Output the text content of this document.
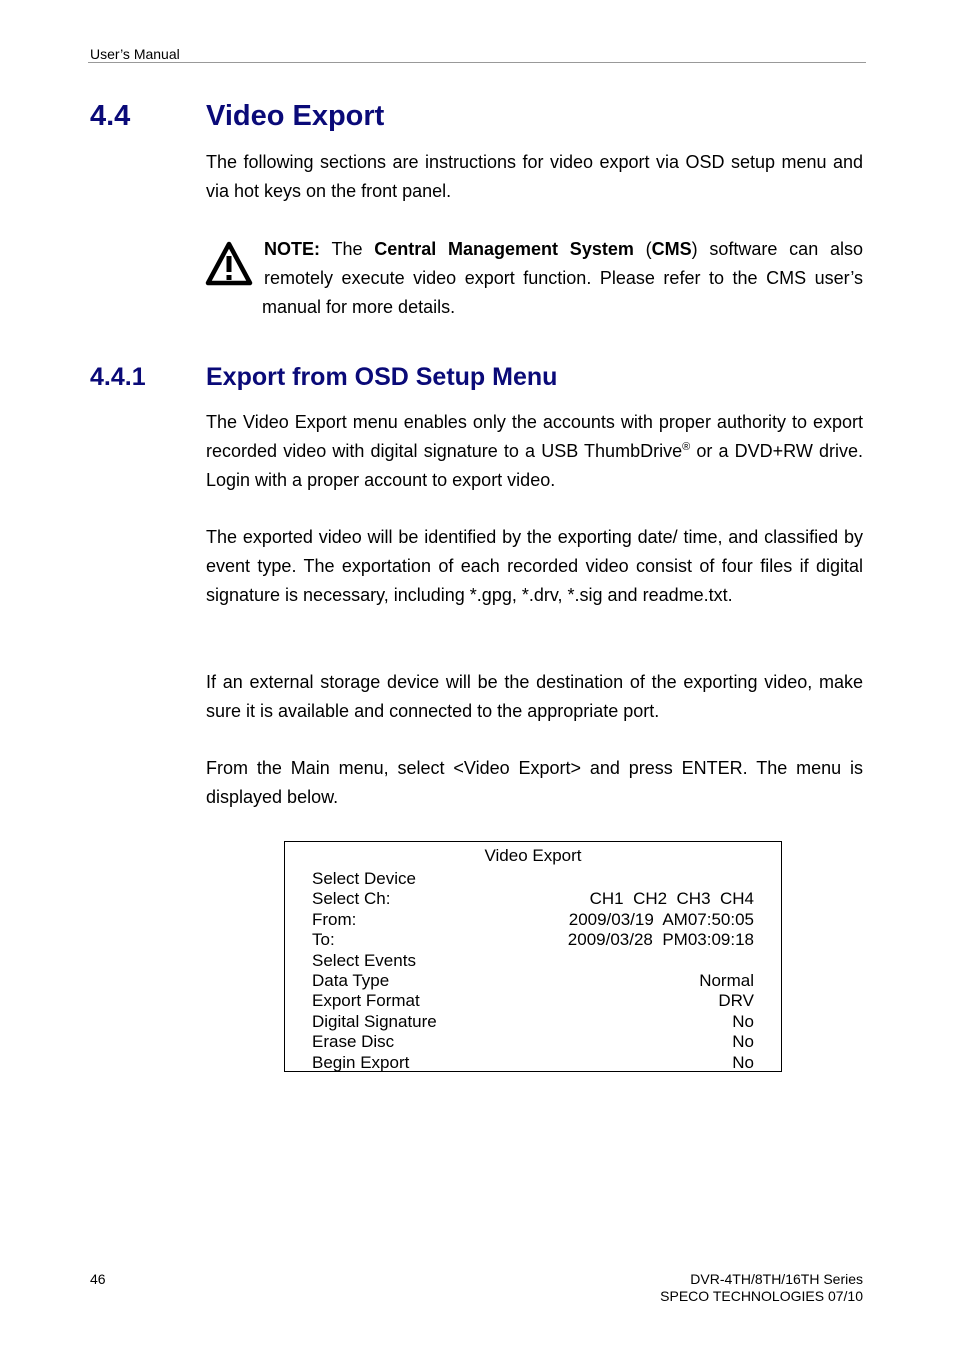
User’s Manual
4.4	Video Export

The following sections are instructions for video export via OSD setup menu and via hot keys on the front panel.

NOTE: The Central Management System (CMS) software can also
remotely execute video export function. Please refer to the CMS user’s
manual for more details.
4.4.1 Export from OSD Setup Menu

The Video Export menu enables only the accounts with proper authority to export recorded video with digital signature to a USB ThumbDrive® or a DVD+RW drive. Login with a proper account to export video.

The exported video will be identified by the exporting date/ time, and classified by event type. The exportation of each recorded video consist of four files if digital signature is necessary, including *.gpg, *.drv, *.sig and readme.txt.

If an external storage device will be the destination of the exporting video, make sure it is available and connected to the appropriate port.

From the Main menu, select <Video Export> and press ENTER. The menu is displayed below.

Video Export
Select Device
Select Ch:	CH1  CH2  CH3  CH4
From:	2009/03/19  AM07:50:05
To:	2009/03/28  PM03:09:18
Select Events
Data Type	Normal
Export Format	DRV
Digital Signature	No
Erase Disc	No
Begin Export	No
46	DVR-4TH/8TH/16TH Series
SPECO TECHNOLOGIES 07/10
